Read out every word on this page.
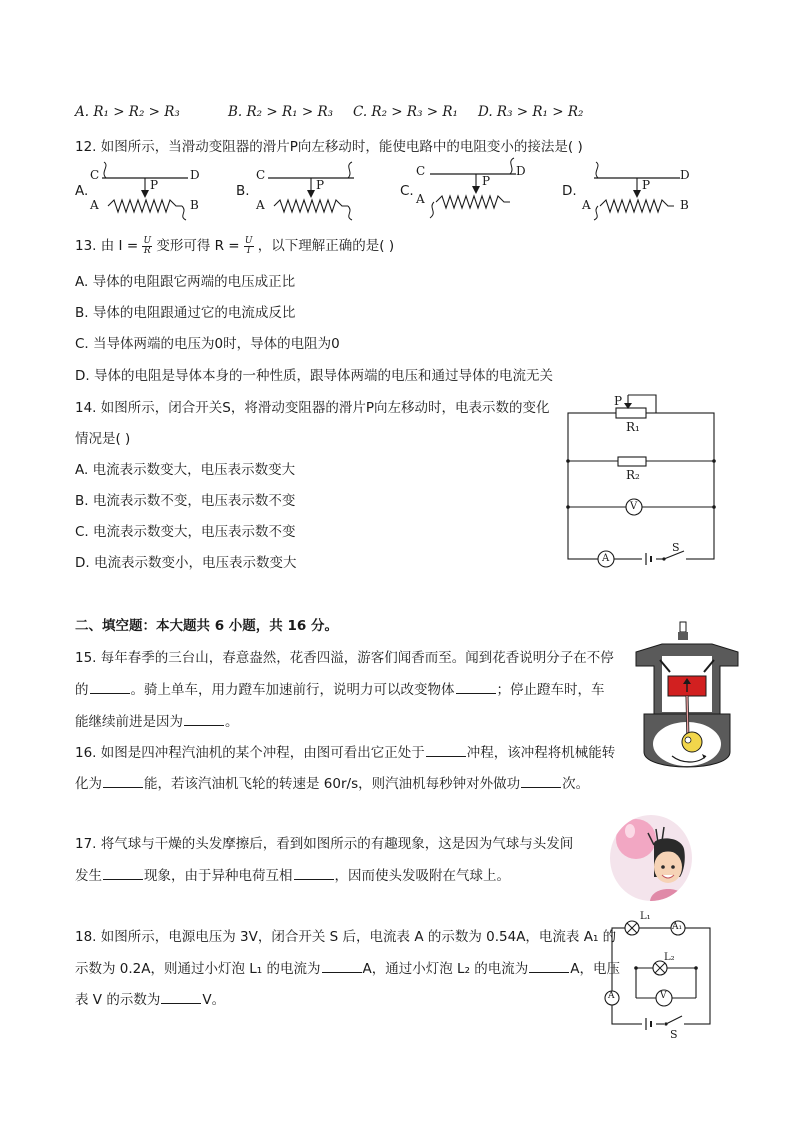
A. R₁ > R₂ > R₃	B. R₂ > R₁ > R₃ C. R₂ > R₃ > R₁ D. R₃ > R₁ > R₂
12. 如图所示，当滑动变阻器的滑片P向左移动时，能使电路中的电阻变小的接法是( )
A.	B.	C.	D.
C	D
A	B
P
C
A
P
C
A
D
P	D
A	B
P
13. 由 $I = \frac{U}{R}$ 变形可得 $R = \frac{U}{I}$ ，以下理解正确的是( )
A. 导体的电阻跟它两端的电压成正比
B. 导体的电阻跟通过它的电流成反比
C. 当导体两端的电压为0时，导体的电阻为0
D. 导体的电阻是导体本身的一种性质，跟导体两端的电压和通过导体的电流无关
14. 如图所示，闭合开关S，将滑动变阻器的滑片P向左移动时，电表示数的变化
情况是( )
A. 电流表示数变大，电压表示数变大
B. 电流表示数不变，电压表示数不变
C. 电流表示数变大，电压表示数不变
D. 电流表示数变小，电压表示数变大
P
R₁
R₂
V
A
S
二、填空题：本大题共 6 小题，共 16 分。
15. 每年春季的三台山，春意盎然，花香四溢，游客们闻香而至。闻到花香说明分子在不停
的	。骑上单车，用力蹬车加速前行，说明力可以改变物体	；停止蹬车时，车
能继续前进是因为	。
16. 如图是四冲程汽油机的某个冲程，由图可看出它正处于	冲程，该冲程将机械能转
化为	能，若该汽油机飞轮的转速是 60r/s，则汽油机每秒钟对外做功	次。
17. 将气球与干燥的头发摩擦后，看到如图所示的有趣现象，这是因为气球与头发间
发生	现象，由于异种电荷互相	，因而使头发吸附在气球上。
18. 如图所示，电源电压为 3V，闭合开关 S 后，电流表 A 的示数为 0.54A，电流表 A₁ 的
示数为 0.2A，则通过小灯泡 L₁ 的电流为	A，通过小灯泡 L₂ 的电流为	A，电压
表 V 的示数为	V。
L₁
A₁
L₂
A	V
S
